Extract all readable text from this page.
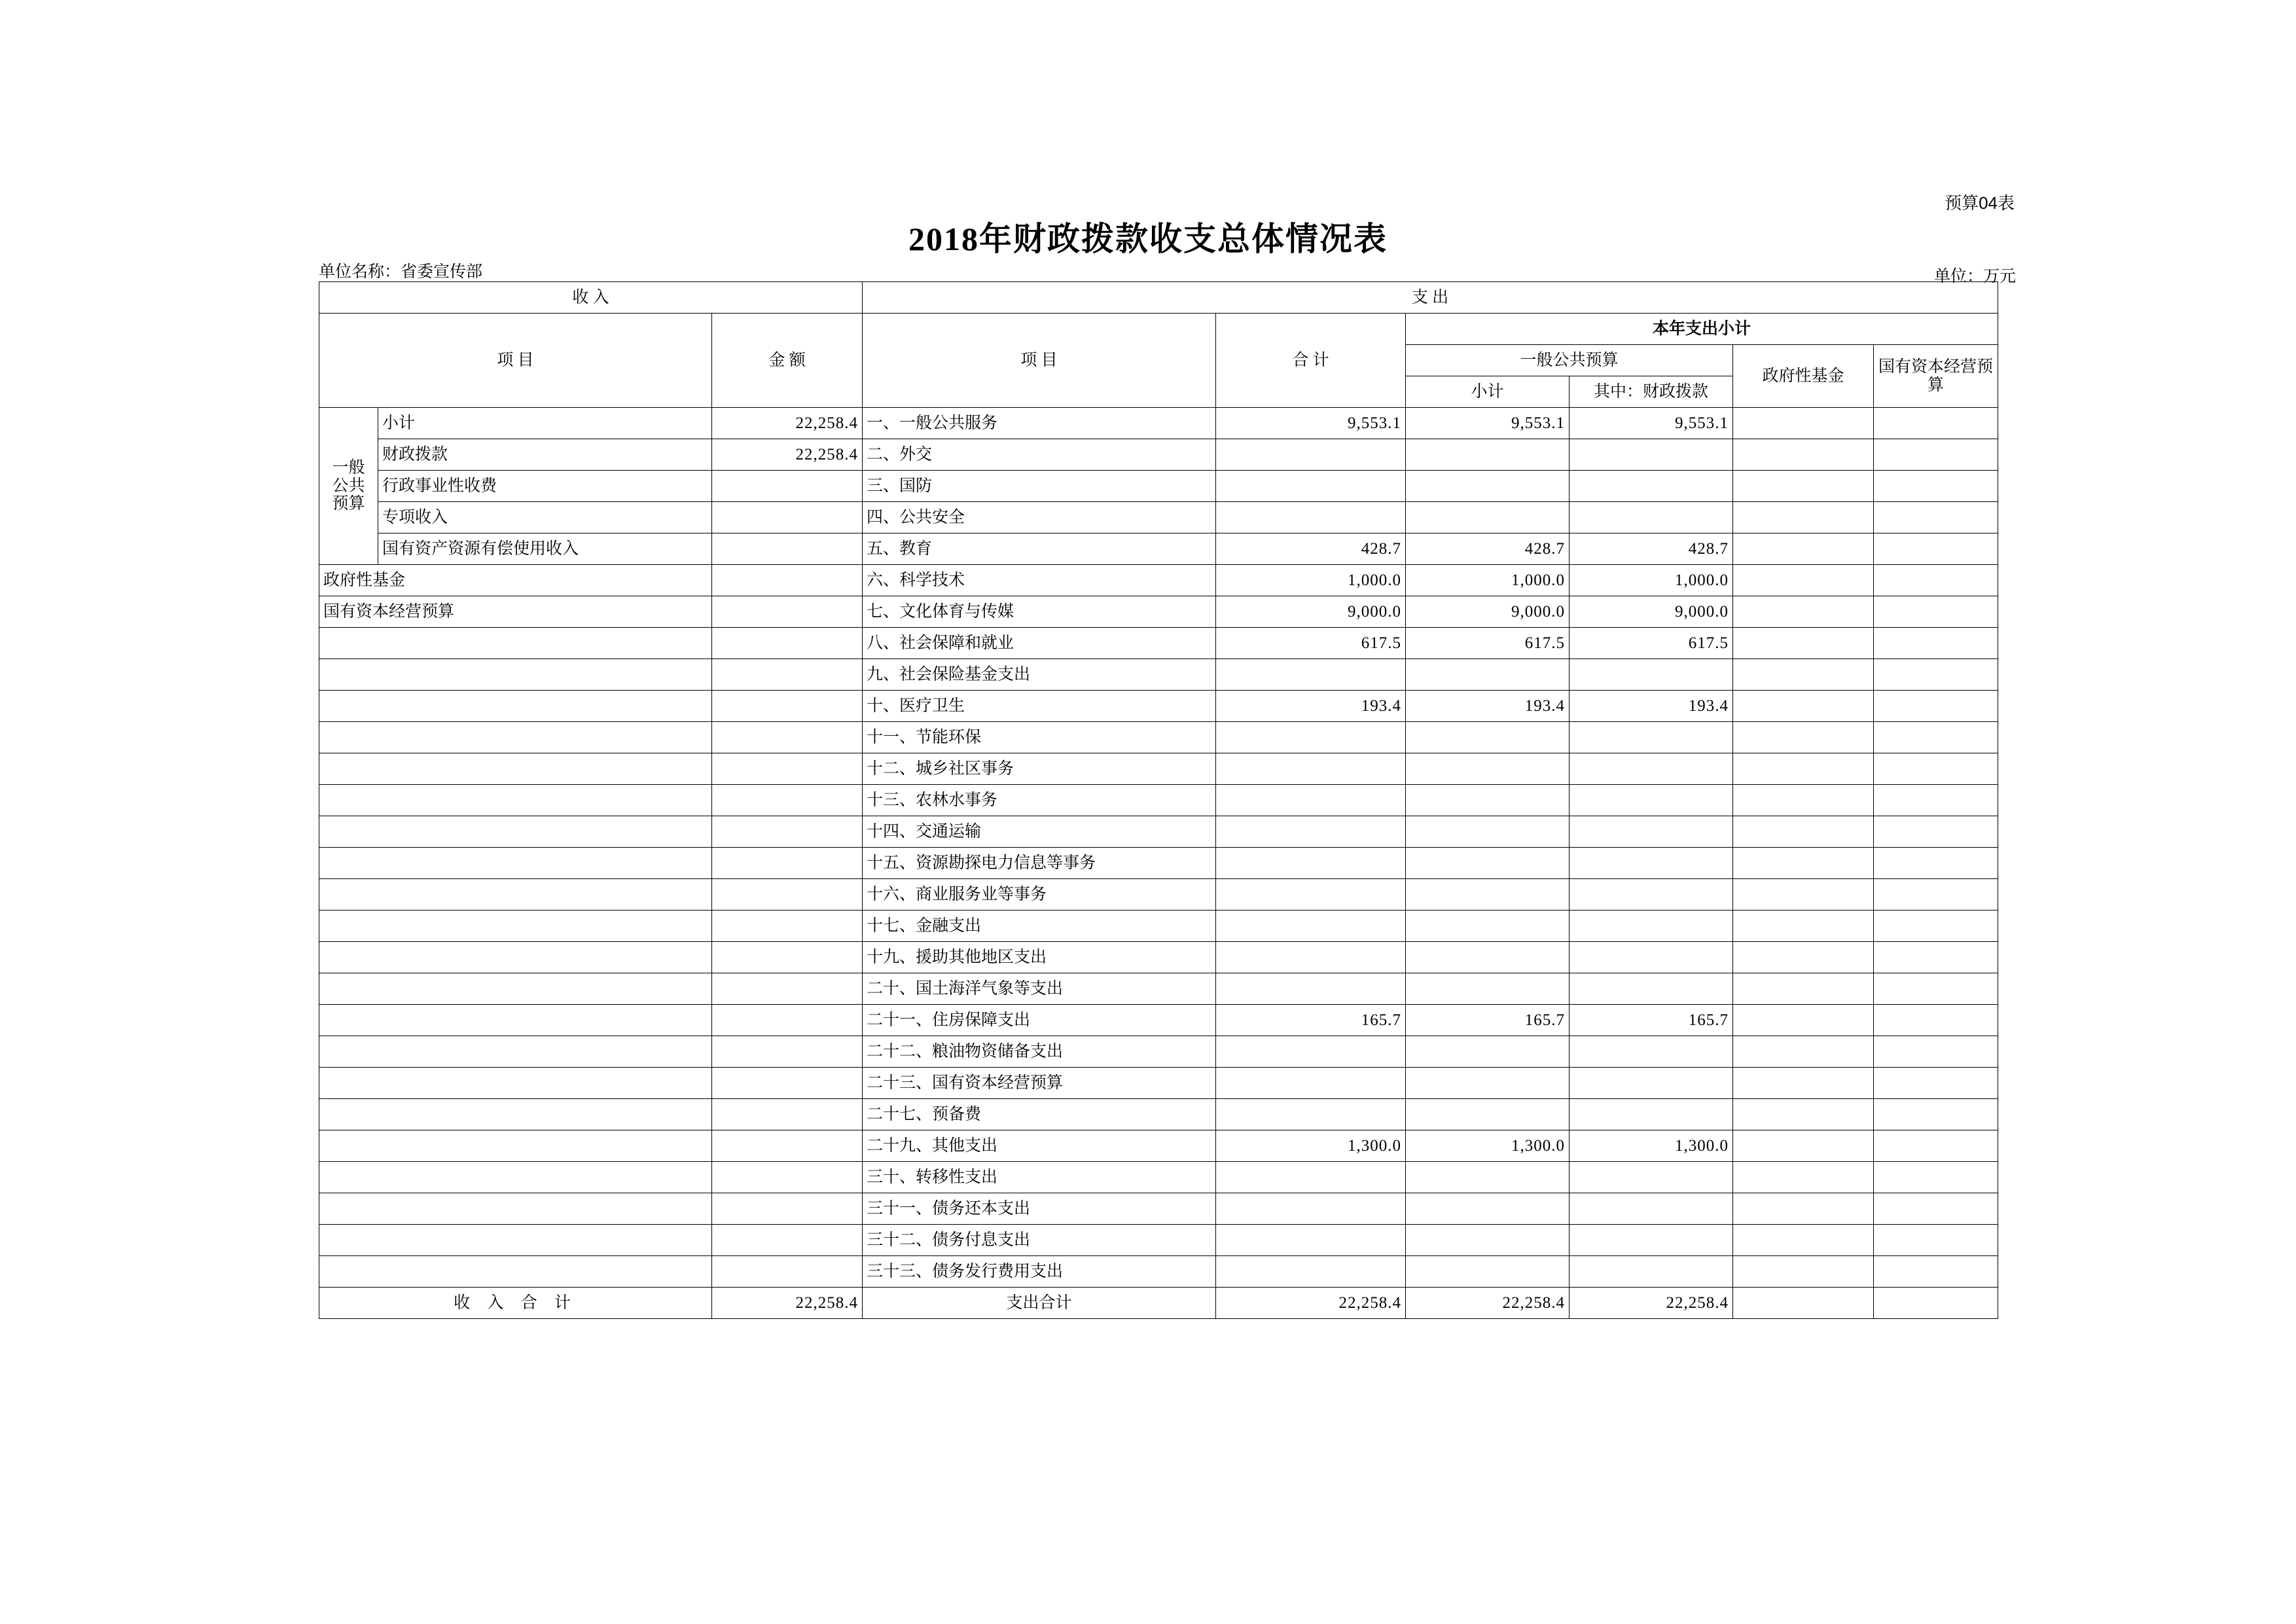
预算04表
2018年财政拨款收支总体情况表
单位名称：省委宣传部	单位：万元
收 入			支 出					
项 目		金 额	项 目	合 计	本年支出小计			
					一般公共预算		政府性基金	国有资本经营预算
					小计	其中：财政拨款		
一般
公共
预算	小计	22,258.4	一、一般公共服务	9,553.1	9,553.1	9,553.1		
	财政拨款	22,258.4	二、外交					
	行政事业性收费		三、国防					
	专项收入		四、公共安全					
	国有资产资源有偿使用收入		五、教育	428.7	428.7	428.7		
政府性基金			六、科学技术	1,000.0	1,000.0	1,000.0		
国有资本经营预算			七、文化体育与传媒	9,000.0	9,000.0	9,000.0		
			八、社会保障和就业	617.5	617.5	617.5		
			九、社会保险基金支出					
			十、医疗卫生	193.4	193.4	193.4		
			十一、节能环保					
			十二、城乡社区事务					
			十三、农林水事务					
			十四、交通运输					
			十五、资源勘探电力信息等事务					
			十六、商业服务业等事务					
			十七、金融支出					
			十九、援助其他地区支出					
			二十、国土海洋气象等支出					
			二十一、住房保障支出	165.7	165.7	165.7		
			二十二、粮油物资储备支出					
			二十三、国有资本经营预算					
			二十七、预备费					
			二十九、其他支出	1,300.0	1,300.0	1,300.0		
			三十、转移性支出					
			三十一、债务还本支出					
			三十二、债务付息支出					
			三十三、债务发行费用支出					
收 入 合 计		22,258.4	支出合计	22,258.4	22,258.4	22,258.4		
